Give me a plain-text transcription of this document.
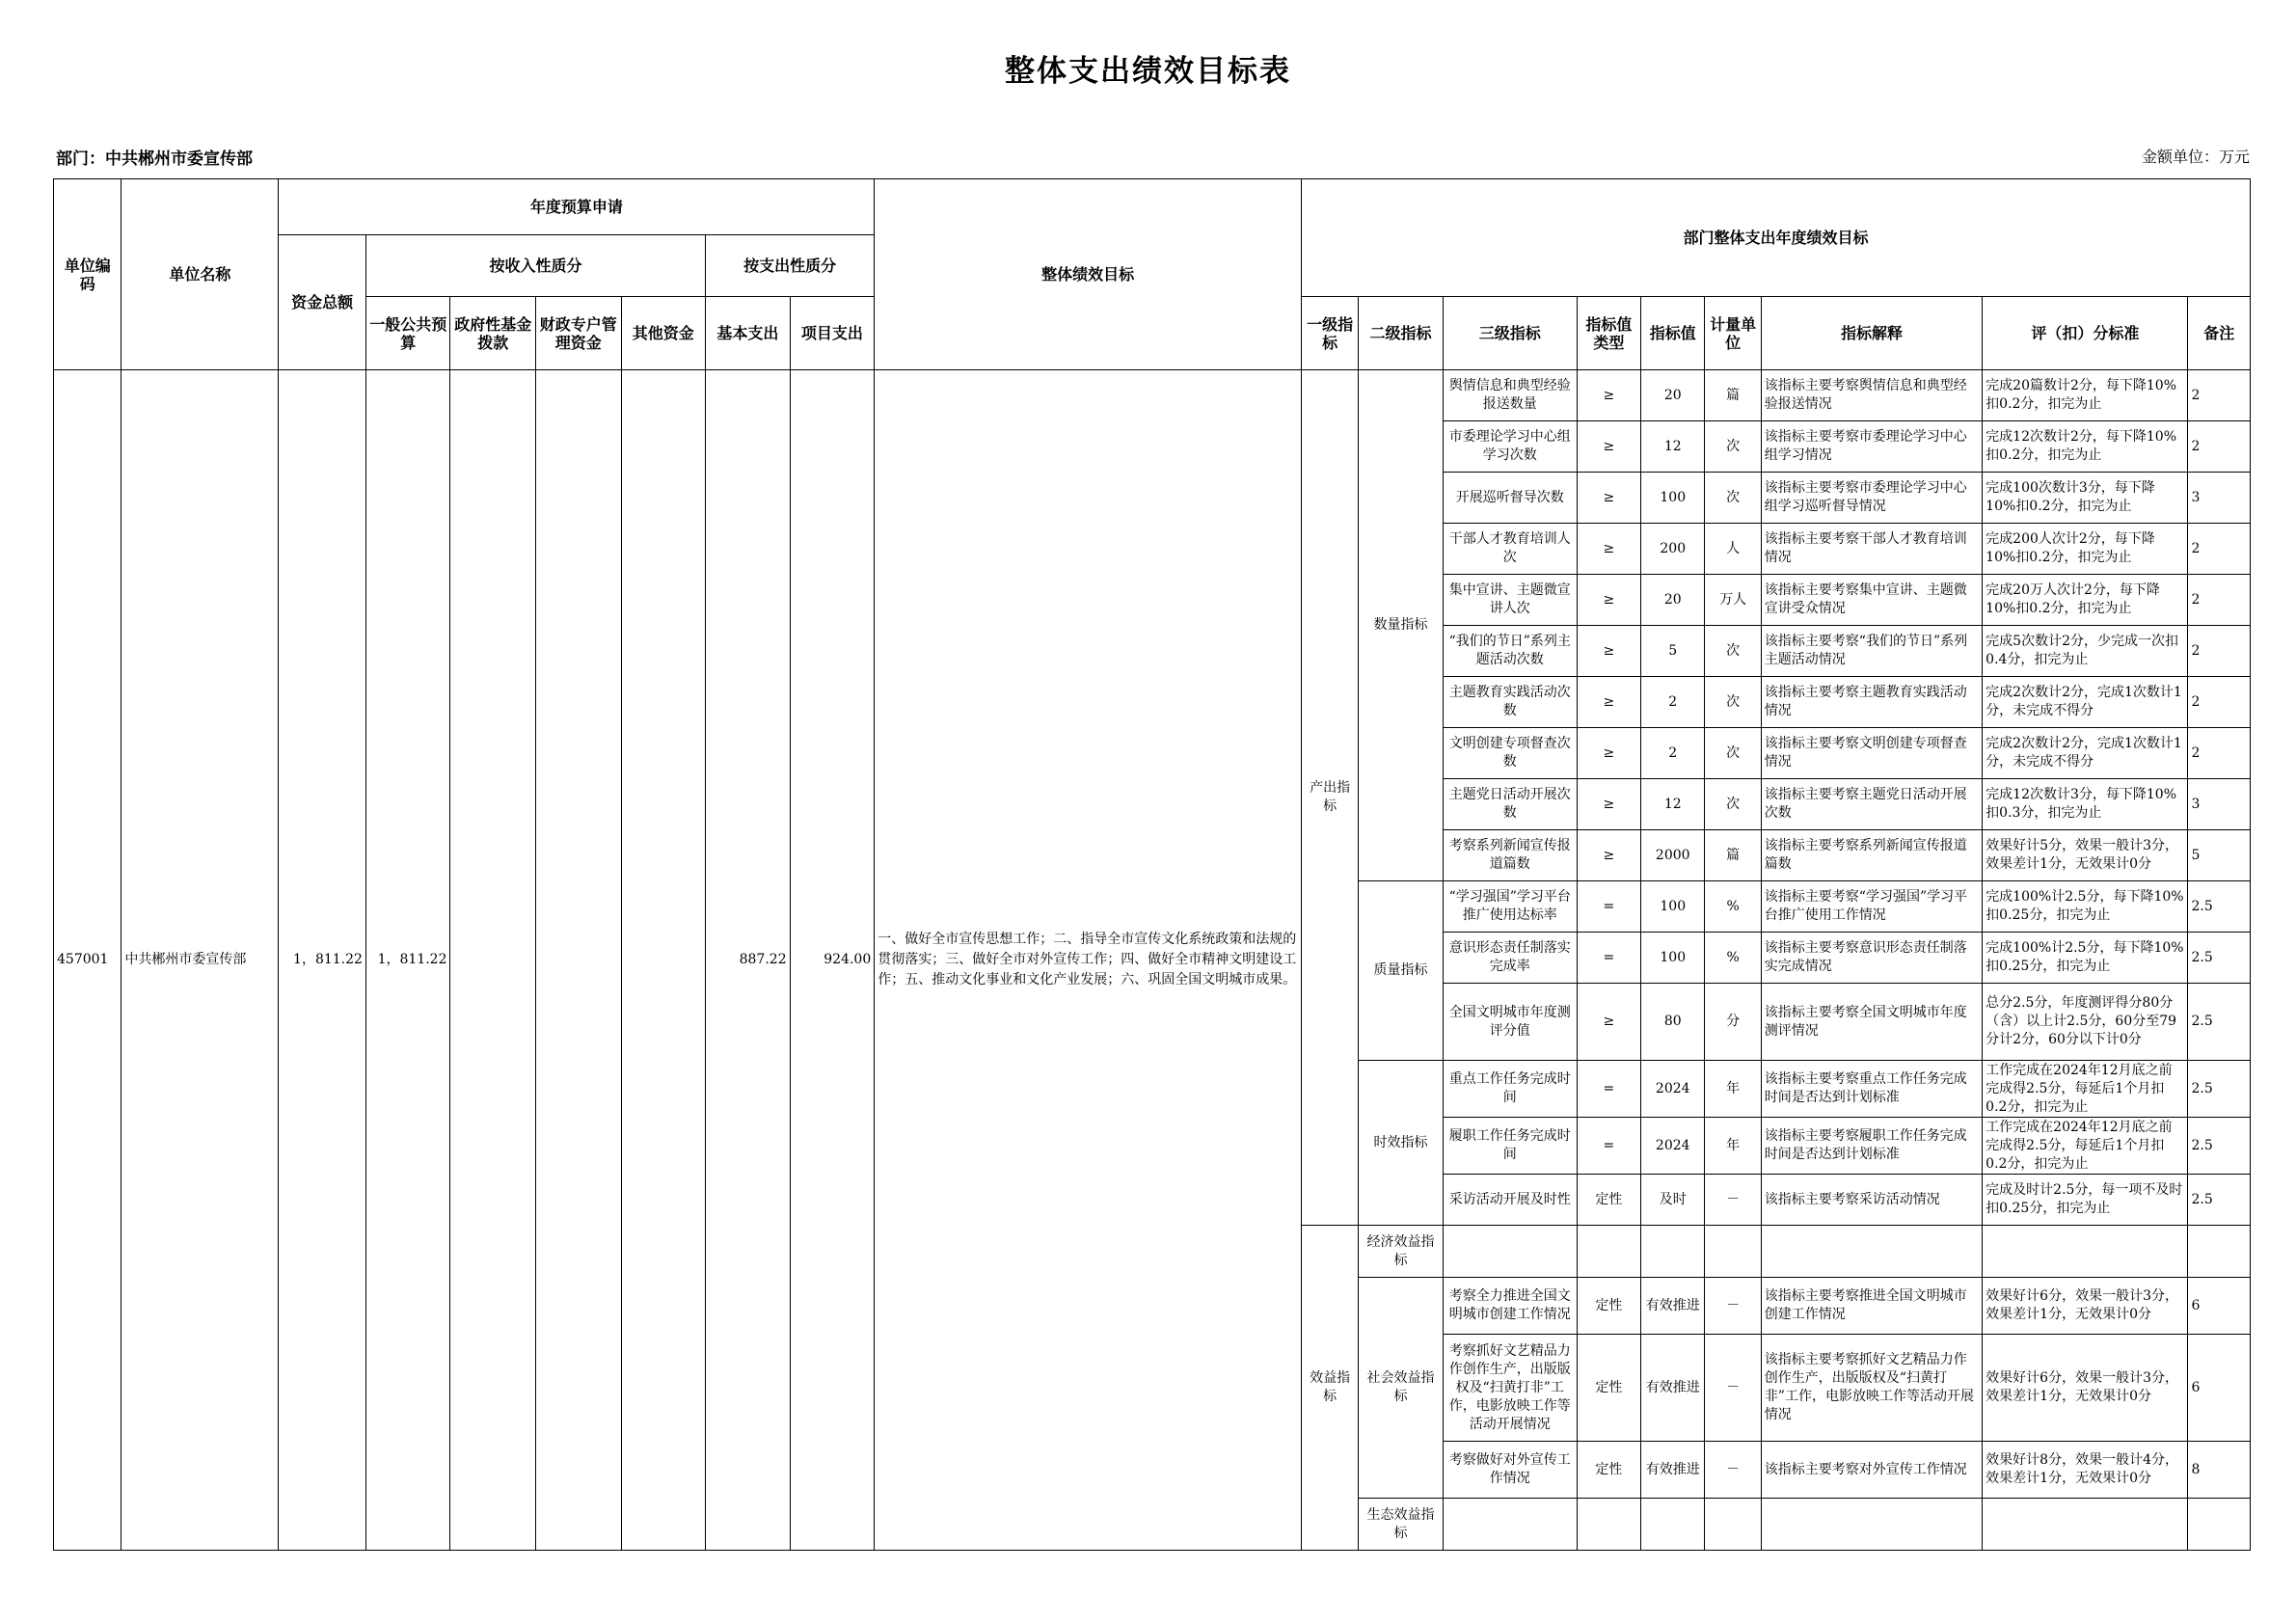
整体支出绩效目标表
部门：中共郴州市委宣传部	金额单位：万元
单位编码	单位名称	年度预算申请							整体绩效目标	部门整体支出年度绩效目标								
		资金总额	按收入性质分				按支出性质分											
			一般公共预算	政府性基金拨款	财政专户管理资金	其他资金	基本支出	项目支出		一级指标	二级指标	三级指标	指标值类型	指标值	计量单位	指标解释	评（扣）分标准	备注
457001	中共郴州市委宣传部	1，811.22	1，811.22				887.22	924.00	一、做好全市宣传思想工作；二、指导全市宣传文化系统政策和法规的贯彻落实；三、做好全市对外宣传工作；四、做好全市精神文明建设工作；五、推动文化事业和文化产业发展；六、巩固全国文明城市成果。	产出指标	数量指标	舆情信息和典型经验报送数量	≥	20	篇	该指标主要考察舆情信息和典型经验报送情况	完成20篇数计2分，每下降10%扣0.2分，扣完为止	2
												市委理论学习中心组学习次数	≥	12	次	该指标主要考察市委理论学习中心组学习情况	完成12次数计2分，每下降10%扣0.2分，扣完为止	2
												开展巡听督导次数	≥	100	次	该指标主要考察市委理论学习中心组学习巡听督导情况	完成100次数计3分，每下降10%扣0.2分，扣完为止	3
												干部人才教育培训人次	≥	200	人	该指标主要考察干部人才教育培训情况	完成200人次计2分，每下降10%扣0.2分，扣完为止	2
												集中宣讲、主题微宣讲人次	≥	20	万人	该指标主要考察集中宣讲、主题微宣讲受众情况	完成20万人次计2分，每下降10%扣0.2分，扣完为止	2
												“我们的节日”系列主题活动次数	≥	5	次	该指标主要考察“我们的节日”系列主题活动情况	完成5次数计2分，少完成一次扣0.4分，扣完为止	2
												主题教育实践活动次数	≥	2	次	该指标主要考察主题教育实践活动情况	完成2次数计2分，完成1次数计1分，未完成不得分	2
												文明创建专项督查次数	≥	2	次	该指标主要考察文明创建专项督查情况	完成2次数计2分，完成1次数计1分，未完成不得分	2
												主题党日活动开展次数	≥	12	次	该指标主要考察主题党日活动开展次数	完成12次数计3分，每下降10%扣0.3分，扣完为止	3
												考察系列新闻宣传报道篇数	≥	2000	篇	该指标主要考察系列新闻宣传报道篇数	效果好计5分，效果一般计3分，效果差计1分，无效果计0分	5
											质量指标	“学习强国”学习平台推广使用达标率	=	100	%	该指标主要考察“学习强国”学习平台推广使用工作情况	完成100%计2.5分，每下降10%扣0.25分，扣完为止	2.5
												意识形态责任制落实完成率	=	100	%	该指标主要考察意识形态责任制落实完成情况	完成100%计2.5分，每下降10%扣0.25分，扣完为止	2.5
												全国文明城市年度测评分值	≥	80	分	该指标主要考察全国文明城市年度测评情况	总分2.5分，年度测评得分80分（含）以上计2.5分，60分至79分计2分，60分以下计0分	2.5
											时效指标	重点工作任务完成时间	=	2024	年	该指标主要考察重点工作任务完成时间是否达到计划标准	工作完成在2024年12月底之前完成得2.5分，每延后1个月扣0.2分，扣完为止	2.5
												履职工作任务完成时间	=	2024	年	该指标主要考察履职工作任务完成时间是否达到计划标准	工作完成在2024年12月底之前完成得2.5分，每延后1个月扣0.2分，扣完为止	2.5
												采访活动开展及时性	定性	及时	－	该指标主要考察采访活动情况	完成及时计2.5分，每一项不及时扣0.25分，扣完为止	2.5
										效益指标	经济效益指标							
											社会效益指标	考察全力推进全国文明城市创建工作情况	定性	有效推进	－	该指标主要考察推进全国文明城市创建工作情况	效果好计6分，效果一般计3分，效果差计1分，无效果计0分	6
												考察抓好文艺精品力作创作生产，出版版权及“扫黄打非”工作，电影放映工作等活动开展情况	定性	有效推进	－	该指标主要考察抓好文艺精品力作创作生产，出版版权及“扫黄打非”工作，电影放映工作等活动开展情况	效果好计6分，效果一般计3分，效果差计1分，无效果计0分	6
												考察做好对外宣传工作情况	定性	有效推进	－	该指标主要考察对外宣传工作情况	效果好计8分，效果一般计4分，效果差计1分，无效果计0分	8
											生态效益指标							
